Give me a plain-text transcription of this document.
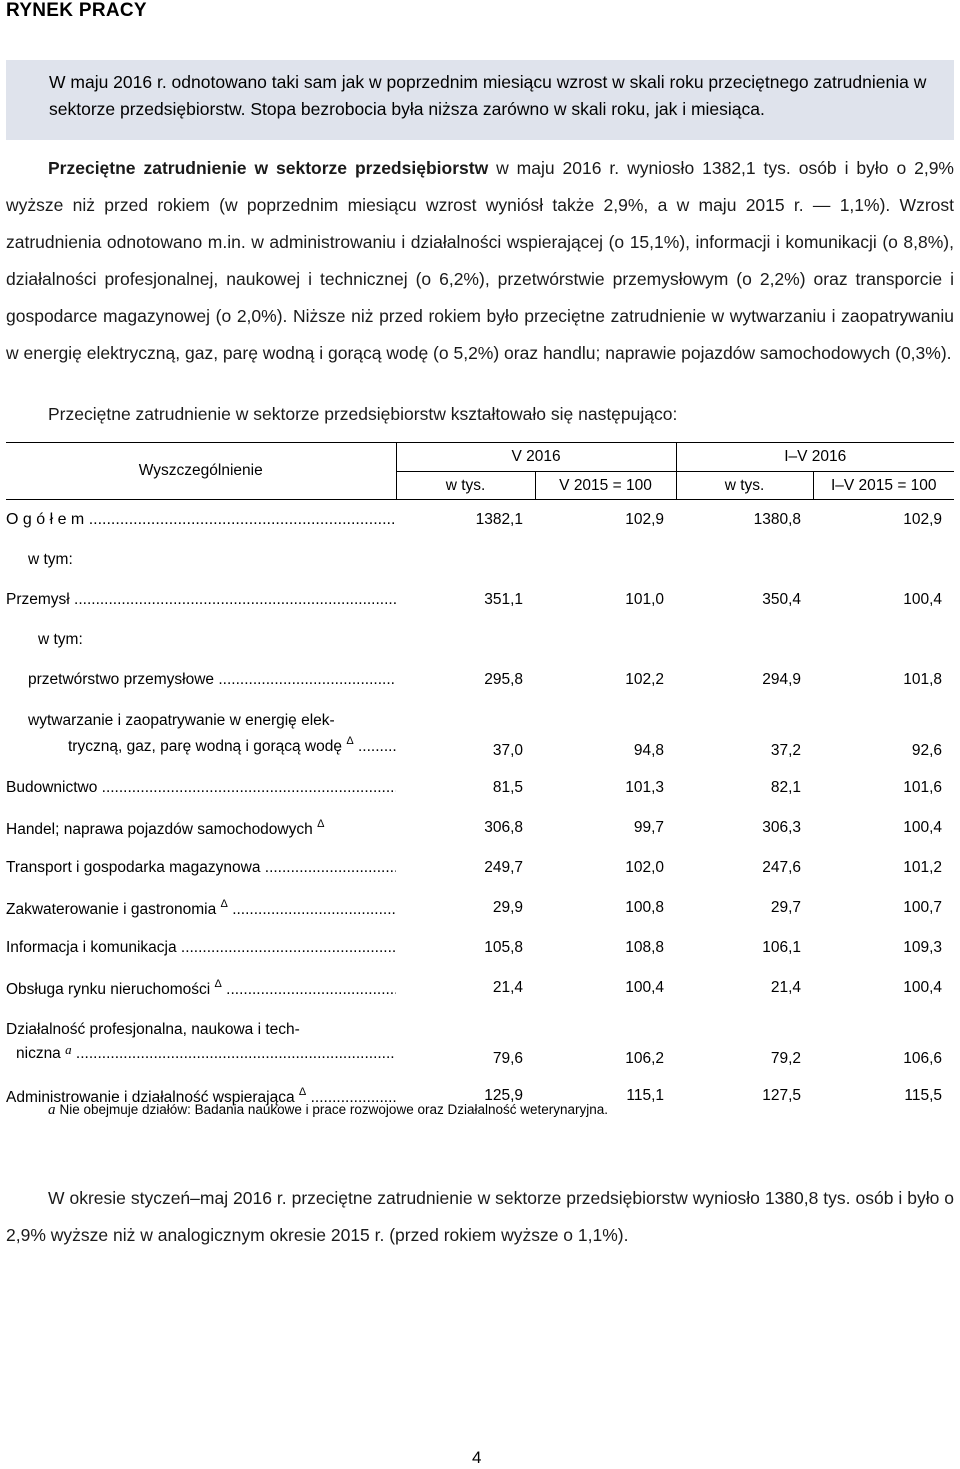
RYNEK PRACY
W maju 2016 r. odnotowano taki sam jak w poprzednim miesiącu wzrost w skali roku przeciętnego zatrudnienia w sektorze przedsiębiorstw. Stopa bezrobocia była niższa zarówno w skali roku, jak i miesiąca.
Przeciętne zatrudnienie w sektorze przedsiębiorstw w maju 2016 r. wyniosło 1382,1 tys. osób i było o 2,9% wyższe niż przed rokiem (w poprzednim miesiącu wzrost wyniósł także 2,9%, a w maju 2015 r. — 1,1%). Wzrost zatrudnienia odnotowano m.in. w administrowaniu i działalności wspierającej (o 15,1%), informacji i komunikacji (o 8,8%), działalności profesjonalnej, naukowej i technicznej (o 6,2%), przetwórstwie przemysłowym (o 2,2%) oraz transporcie i gospodarce magazynowej (o 2,0%). Niższe niż przed rokiem było przeciętne zatrudnienie w wytwarzaniu i zaopatrywaniu w energię elektryczną, gaz, parę wodną i gorącą wodę (o 5,2%) oraz handlu; naprawie pojazdów samochodowych (0,3%).
Przeciętne zatrudnienie w sektorze przedsiębiorstw kształtowało się następująco:
Wyszczególnienie	V 2016		I–V 2016	
	w tys.	V 2015 = 100	w tys.	I–V 2015 = 100
O g ó ł e m .....	1382,1	102,9	1380,8	102,9
w tym:				
Przemysł .....	351,1	101,0	350,4	100,4
w tym:				
przetwórstwo przemysłowe .....	295,8	102,2	294,9	101,8

wytwarzanie i zaopatrywanie w energię elek-
tryczną, gaz, parę wodną i gorącą wodę $^\Delta$ .....	37,0	94,8	37,2	92,6
Budownictwo .....	81,5	101,3	82,1	101,6
Handel; naprawa pojazdów samochodowych $^\Delta$	306,8	99,7	306,3	100,4
Transport i gospodarka magazynowa .....	249,7	102,0	247,6	101,2
Zakwaterowanie i gastronomia $^\Delta$ .....	29,9	100,8	29,7	100,7
Informacja i komunikacja .....	105,8	108,8	106,1	109,3
Obsługa rynku nieruchomości $^\Delta$ .....	21,4	100,4	21,4	100,4

Działalność profesjonalna, naukowa i tech-
niczna $^a$ .....	79,6	106,2	79,2	106,6
Administrowanie i działalność wspierająca $^\Delta$ .....	125,9	115,1	127,5	115,5
a Nie obejmuje działów: Badania naukowe i prace rozwojowe oraz Działalność weterynaryjna.
W okresie styczeń–maj 2016 r. przeciętne zatrudnienie w sektorze przedsiębiorstw wyniosło 1380,8 tys. osób i było o 2,9% wyższe niż w analogicznym okresie 2015 r. (przed rokiem wyższe o 1,1%).
4
